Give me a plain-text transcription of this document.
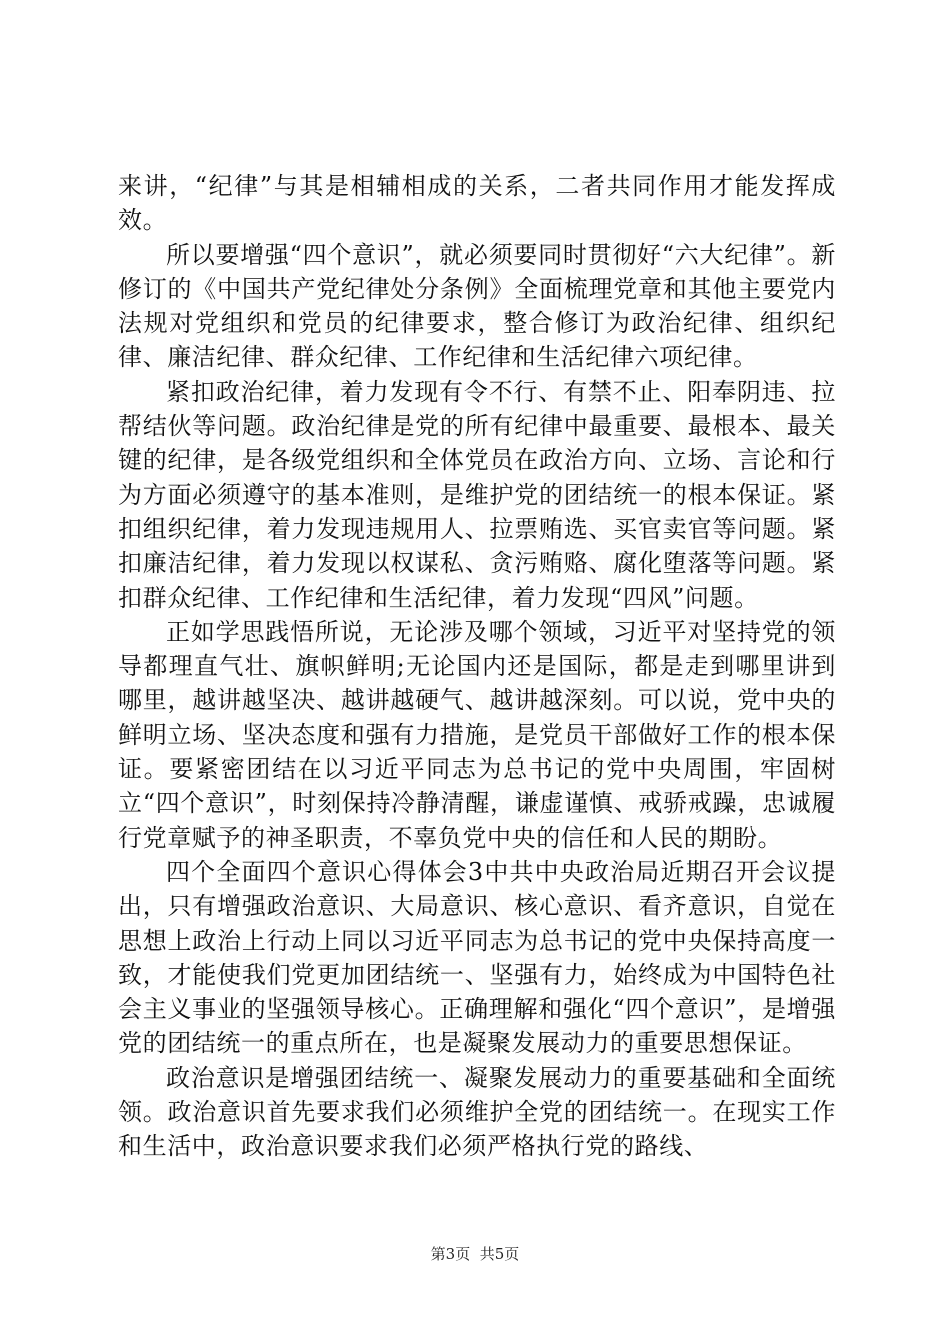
来讲，“纪律”与其是相辅相成的关系，二者共同作用才能发挥成效。

所以要增强“四个意识”，就必须要同时贯彻好“六大纪律”。新修订的《中国共产党纪律处分条例》全面梳理党章和其他主要党内法规对党组织和党员的纪律要求，整合修订为政治纪律、组织纪律、廉洁纪律、群众纪律、工作纪律和生活纪律六项纪律。

紧扣政治纪律，着力发现有令不行、有禁不止、阳奉阴违、拉帮结伙等问题。政治纪律是党的所有纪律中最重要、最根本、最关键的纪律，是各级党组织和全体党员在政治方向、立场、言论和行为方面必须遵守的基本准则，是维护党的团结统一的根本保证。紧扣组织纪律，着力发现违规用人、拉票贿选、买官卖官等问题。紧扣廉洁纪律，着力发现以权谋私、贪污贿赂、腐化堕落等问题。紧扣群众纪律、工作纪律和生活纪律，着力发现“四风”问题。

正如学思践悟所说，无论涉及哪个领域，习近平对坚持党的领导都理直气壮、旗帜鲜明;无论国内还是国际，都是走到哪里讲到哪里，越讲越坚决、越讲越硬气、越讲越深刻。可以说，党中央的鲜明立场、坚决态度和强有力措施，是党员干部做好工作的根本保证。要紧密团结在以习近平同志为总书记的党中央周围，牢固树立“四个意识”，时刻保持冷静清醒，谦虚谨慎、戒骄戒躁，忠诚履行党章赋予的神圣职责，不辜负党中央的信任和人民的期盼。

四个全面四个意识心得体会3中共中央政治局近期召开会议提出，只有增强政治意识、大局意识、核心意识、看齐意识，自觉在思想上政治上行动上同以习近平同志为总书记的党中央保持高度一致，才能使我们党更加团结统一、坚强有力，始终成为中国特色社会主义事业的坚强领导核心。正确理解和强化“四个意识”，是增强党的团结统一的重点所在，也是凝聚发展动力的重要思想保证。

政治意识是增强团结统一、凝聚发展动力的重要基础和全面统领。政治意识首先要求我们必须维护全党的团结统一。在现实工作和生活中，政治意识要求我们必须严格执行党的路线、

第3页 共5页
